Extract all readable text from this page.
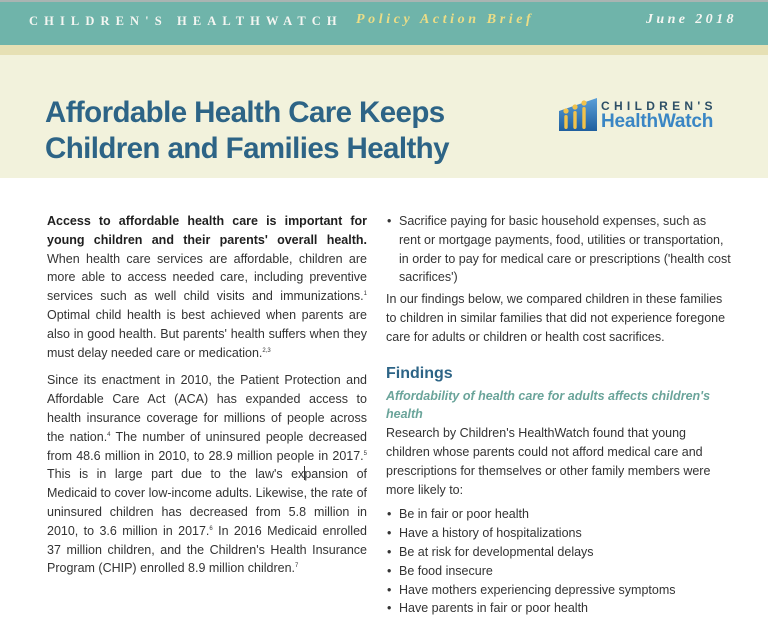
CHILDREN'S HEALTHWATCH Policy Action Brief	June 2018
Affordable Health Care Keeps
Children and Families Healthy
CHILDREN'S
HealthWatch

Access to affordable health care is important for young children and their parents' overall health. When health care services are affordable, children are more able to access needed care, including preventive services such as well child visits and immunizations.$^1$ Optimal child health is best achieved when parents are also in good health. But parents' health suffers when they must delay needed care or medication.$^{2,3}$

Since its enactment in 2010, the Patient Protection and Affordable Care Act (ACA) has expanded access to health insurance coverage for millions of people across the nation.$^4$ The number of uninsured people decreased from 48.6 million in 2010, to 28.9 million people in 2017.$^5$ This is in large part due to the law's expansion of Medicaid to cover low-income adults. Likewise, the rate of uninsured children has decreased from 5.8 million in 2010, to 3.6 million in 2017.$^6$ In 2016 Medicaid enrolled 37 million children, and the Children's Health Insurance Program (CHIP) enrolled 8.9 million children.$^7$

• Sacrifice paying for basic household expenses, such as rent or mortgage payments, food, utilities or transportation, in order to pay for medical care or prescriptions ('health cost sacrifices')
In our findings below, we compared children in these families to children in similar families that did not experience foregone care for adults or children or health cost sacrifices.
Findings
Affordability of health care for adults affects children's health
Research by Children's HealthWatch found that young children whose parents could not afford medical care and prescriptions for themselves or other family members were more likely to:
• Be in fair or poor health
• Have a history of hospitalizations
• Be at risk for developmental delays
• Be food insecure
• Have mothers experiencing depressive symptoms
• Have parents in fair or poor health
